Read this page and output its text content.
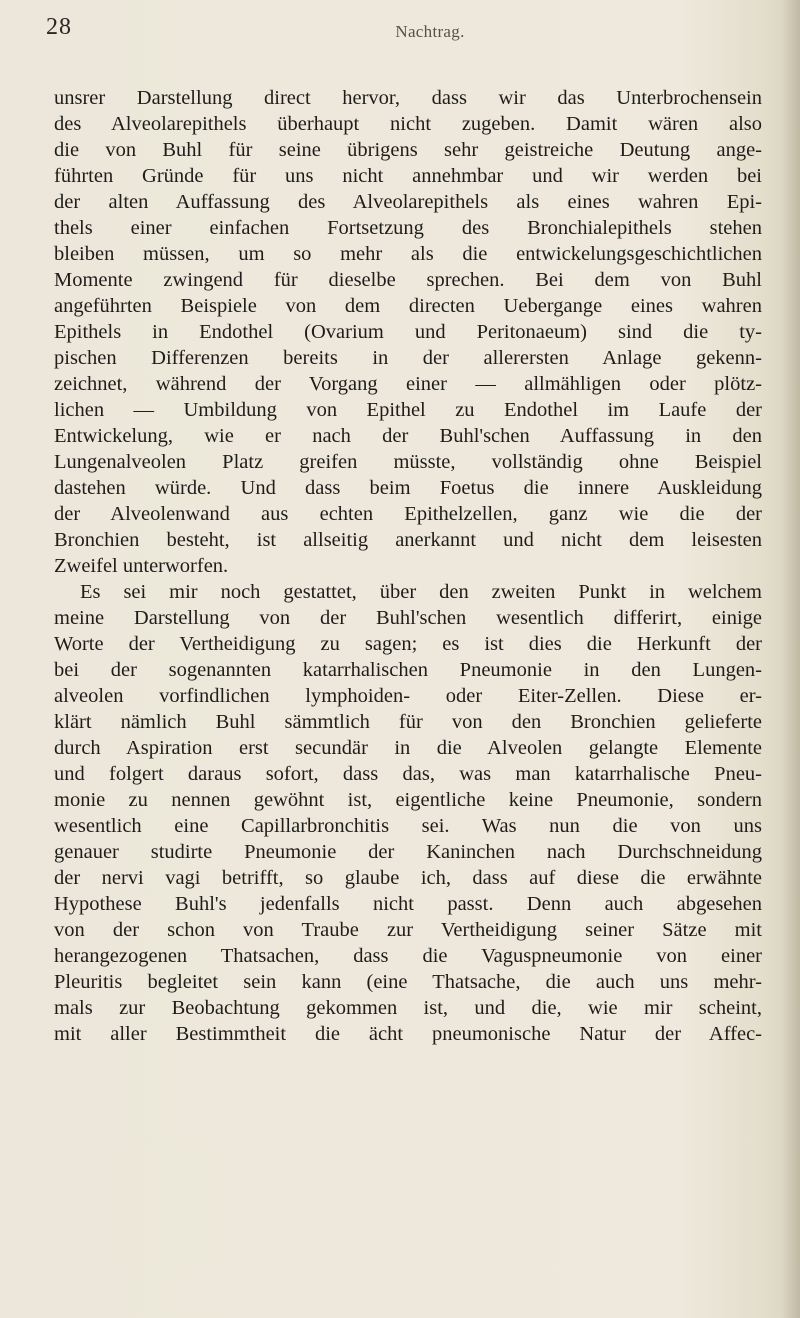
28	Nachtrag.
unsrer Darstellung direct hervor, dass wir das Unterbrochensein
des Alveolarepithels überhaupt nicht zugeben. Damit wären also
die von Buhl für seine übrigens sehr geistreiche Deutung ange-
führten Gründe für uns nicht annehmbar und wir werden bei
der alten Auffassung des Alveolarepithels als eines wahren Epi-
thels einer einfachen Fortsetzung des Bronchialepithels stehen
bleiben müssen, um so mehr als die entwickelungsgeschichtlichen
Momente zwingend für dieselbe sprechen. Bei dem von Buhl
angeführten Beispiele von dem directen Uebergange eines wahren
Epithels in Endothel (Ovarium und Peritonaeum) sind die ty-
pischen Differenzen bereits in der allerersten Anlage gekenn-
zeichnet, während der Vorgang einer — allmähligen oder plötz-
lichen — Umbildung von Epithel zu Endothel im Laufe der
Entwickelung, wie er nach der Buhl'schen Auffassung in den
Lungenalveolen Platz greifen müsste, vollständig ohne Beispiel
dastehen würde. Und dass beim Foetus die innere Auskleidung
der Alveolenwand aus echten Epithelzellen, ganz wie die der
Bronchien besteht, ist allseitig anerkannt und nicht dem leisesten
Zweifel unterworfen.
Es sei mir noch gestattet, über den zweiten Punkt in welchem
meine Darstellung von der Buhl'schen wesentlich differirt, einige
Worte der Vertheidigung zu sagen; es ist dies die Herkunft der
bei der sogenannten katarrhalischen Pneumonie in den Lungen-
alveolen vorfindlichen lymphoiden- oder Eiter-Zellen. Diese er-
klärt nämlich Buhl sämmtlich für von den Bronchien gelieferte
durch Aspiration erst secundär in die Alveolen gelangte Elemente
und folgert daraus sofort, dass das, was man katarrhalische Pneu-
monie zu nennen gewöhnt ist, eigentliche keine Pneumonie, sondern
wesentlich eine Capillarbronchitis sei. Was nun die von uns
genauer studirte Pneumonie der Kaninchen nach Durchschneidung
der nervi vagi betrifft, so glaube ich, dass auf diese die erwähnte
Hypothese Buhl's jedenfalls nicht passt. Denn auch abgesehen
von der schon von Traube zur Vertheidigung seiner Sätze mit
herangezogenen Thatsachen, dass die Vaguspneumonie von einer
Pleuritis begleitet sein kann (eine Thatsache, die auch uns mehr-
mals zur Beobachtung gekommen ist, und die, wie mir scheint,
mit aller Bestimmtheit die ächt pneumonische Natur der Affec-
